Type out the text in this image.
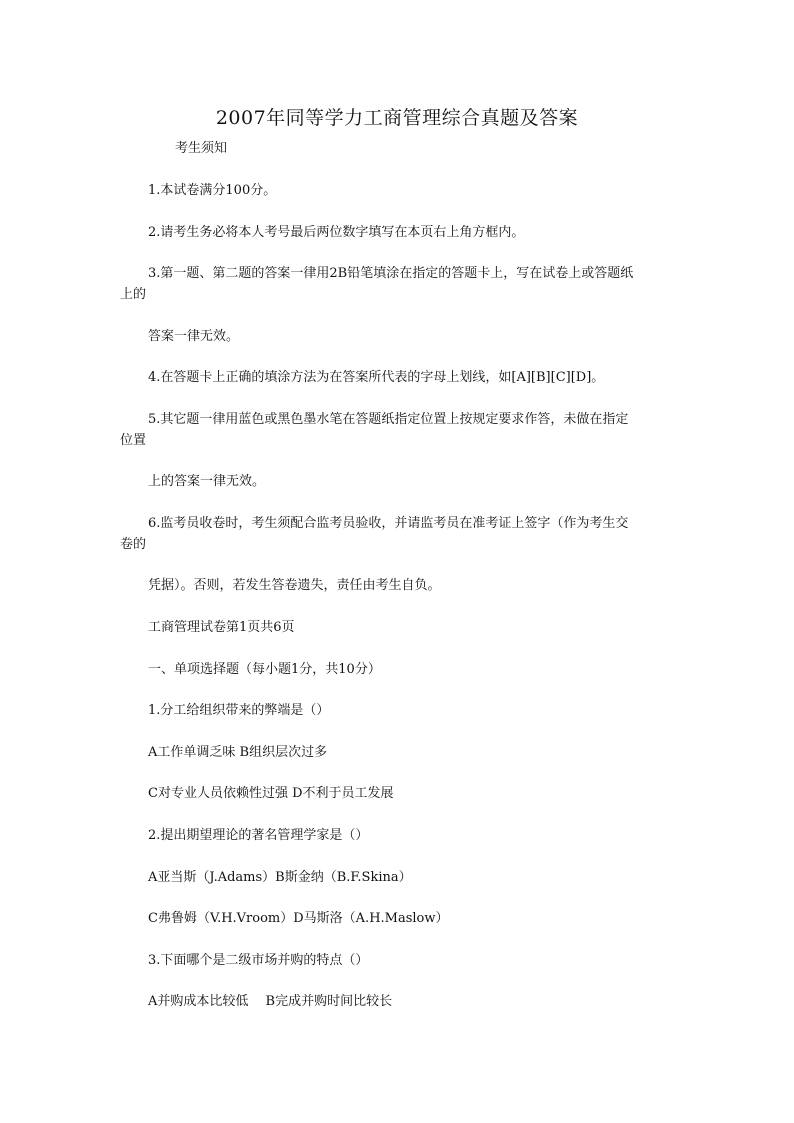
2007年同等学力工商管理综合真题及答案
考生须知
1.本试卷满分100分。
2.请考生务必将本人考号最后两位数字填写在本页右上角方框内。
3.第一题、第二题的答案一律用2B铅笔填涂在指定的答题卡上，写在试卷上或答题纸
上的
答案一律无效。
4.在答题卡上正确的填涂方法为在答案所代表的字母上划线，如[A][B][C][D]。
5.其它题一律用蓝色或黑色墨水笔在答题纸指定位置上按规定要求作答，未做在指定
位置
上的答案一律无效。
6.监考员收卷时，考生须配合监考员验收，并请监考员在准考证上签字（作为考生交
卷的
凭据）。否则，若发生答卷遗失，责任由考生自负。
工商管理试卷第1页共6页
一、单项选择题（每小题1分，共10分）
1.分工给组织带来的弊端是（）
A工作单调乏味 B组织层次过多
C对专业人员依赖性过强 D不利于员工发展
2.提出期望理论的著名管理学家是（）
A亚当斯（J.Adams）B斯金纳（B.F.Skina）
C弗鲁姆（V.H.Vroom）D马斯洛（A.H.Maslow）
3.下面哪个是二级市场并购的特点（）
A并购成本比较低　 B完成并购时间比较长
